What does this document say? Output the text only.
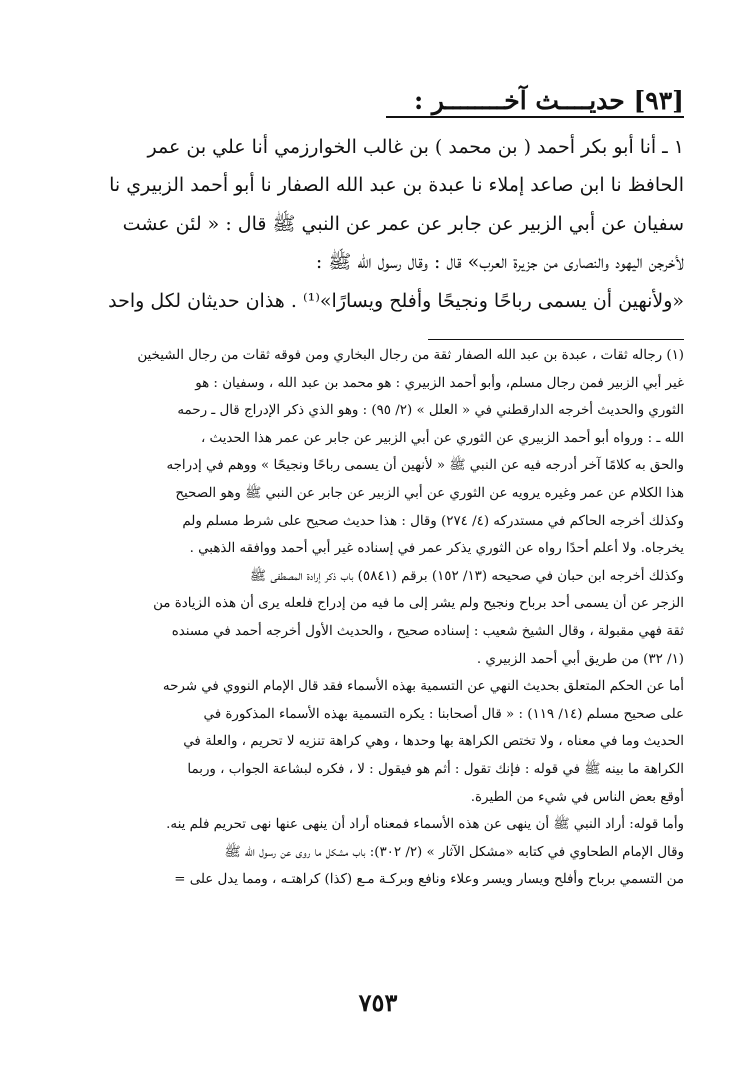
[٩٣] حديــــث آخــــــــر :
١ ـ أنا أبو بكر أحمد ( بن محمد ) بن غالب الخوارزمي أنا علي بن عمر
الحافظ نا ابن صاعد إملاء نا عبدة بن عبد الله الصفار نا أبو أحمد الزبيري نا
سفيان عن أبي الزبير عن جابر عن عمر عن النبي ﷺ قال : « لئن عشت
لأخرجن اليهود والنصارى من جزيرة العرب» قال : وقال رسول الله ﷺ :
«ولأنهين أن يسمى رباحًا ونجيحًا وأفلح ويسارًا»⁽¹⁾ . هذان حديثان لكل واحد
(١) رجاله ثقات ، عبدة بن عبد الله الصفار ثقة من رجال البخاري ومن فوقه ثقات من رجال الشيخين
غير أبي الزبير فمن رجال مسلم، وأبو أحمد الزبيري : هو محمد بن عبد الله ، وسفيان : هو
الثوري والحديث أخرجه الدارقطني في « العلل » (٢/ ٩٥) : وهو الذي ذكر الإدراج قال ـ رحمه
الله ـ : ورواه أبو أحمد الزبيري عن الثوري عن أبي الزبير عن جابر عن عمر هذا الحديث ،
والحق به كلامًا آخر أدرجه فيه عن النبي ﷺ « لأنهين أن يسمى رباحًا ونجيحًا » ووهم في إدراجه
هذا الكلام عن عمر وغيره يرويه عن الثوري عن أبي الزبير عن جابر عن النبي ﷺ وهو الصحيح
وكذلك أخرجه الحاكم في مستدركه (٤/ ٢٧٤) وقال : هذا حديث صحيح على شرط مسلم ولم
يخرجاه. ولا أعلم أحدًا رواه عن الثوري يذكر عمر في إسناده غير أبي أحمد ووافقه الذهبي .
وكذلك أخرجه ابن حبان في صحيحه (١٣/ ١٥٢) برقم (٥٨٤١) باب ذكر إرادة المصطفى ﷺ
الزجر عن أن يسمى أحد برباح ونجيح ولم يشر إلى ما فيه من إدراج فلعله يرى أن هذه الزيادة من
ثقة فهي مقبولة ، وقال الشيخ شعيب : إسناده صحيح ، والحديث الأول أخرجه أحمد في مسنده
(١/ ٣٢) من طريق أبي أحمد الزبيري .
أما عن الحكم المتعلق بحديث النهي عن التسمية بهذه الأسماء فقد قال الإمام النووي في شرحه
على صحيح مسلم (١٤/ ١١٩) : « قال أصحابنا : يكره التسمية بهذه الأسماء المذكورة في
الحديث وما في معناه ، ولا تختص الكراهة بها وحدها ، وهي كراهة تنزيه لا تحريم ، والعلة في
الكراهة ما بينه ﷺ في قوله : فإنك تقول : أثم هو فيقول : لا ، فكره لبشاعة الجواب ، وربما
أوقع بعض الناس في شيء من الطيرة.
وأما قوله: أراد النبي ﷺ أن ينهى عن هذه الأسماء فمعناه أراد أن ينهى عنها نهى تحريم فلم ينه.
وقال الإمام الطحاوي في كتابه «مشكل الآثار » (٢/ ٣٠٢): باب مشكل ما روى عن رسول الله ﷺ
من التسمي برباح وأفلح ويسار ويسر وعلاء ونافع وبركـة مـع (كذا) كراهتـه ، ومما يدل على =
٧٥٣
